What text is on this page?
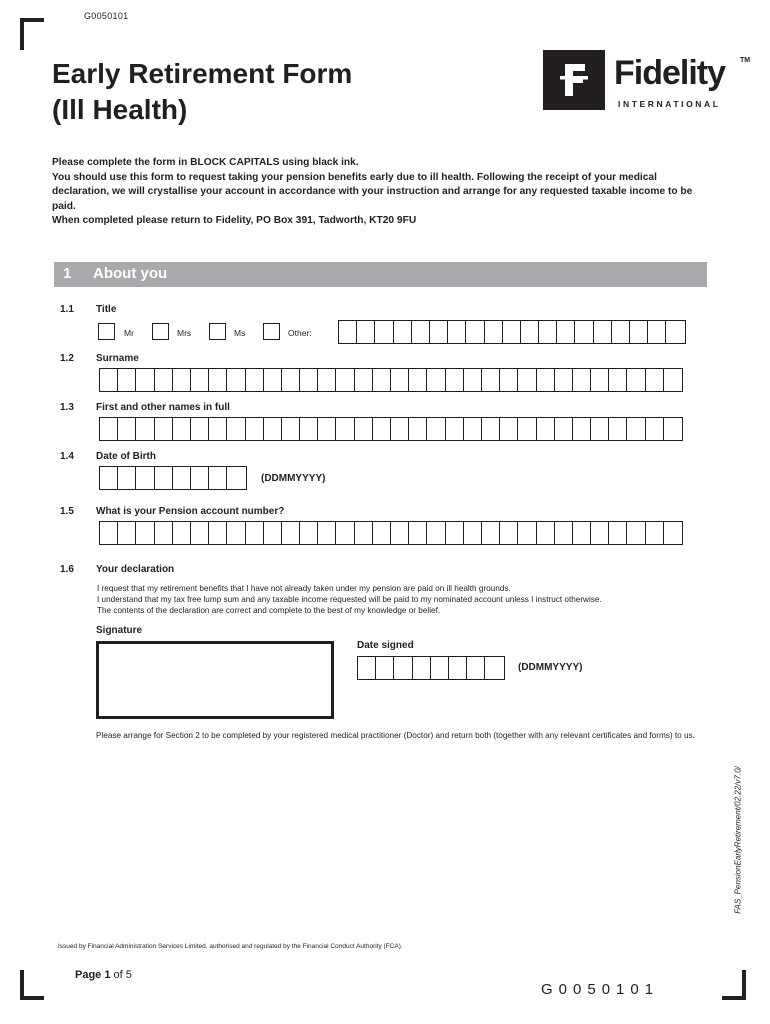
G0050101
Early Retirement Form
(Ill Health)
Fidelity TM
INTERNATIONAL

Please complete the form in BLOCK CAPITALS using black ink.

You should use this form to request taking your pension benefits early due to ill health. Following the receipt of your medical declaration, we will crystallise your account in accordance with your instruction and arrange for any requested taxable income to be paid.

When completed please return to Fidelity, PO Box 391, Tadworth, KT20 9FU

1 About you
1.1 Title
Mr	Mrs	Ms	Other:
1.2 Surname
1.3 First and other names in full
1.4 Date of Birth
(DDMMYYYY)
1.5 What is your Pension account number?
1.6 Your declaration
I request that my retirement benefits that I have not already taken under my pension are paid on ill health grounds.
I understand that my tax free lump sum and any taxable income requested will be paid to my nominated account unless I instruct otherwise.
The contents of the declaration are correct and complete to the best of my knowledge or belief.
Signature
Date signed
(DDMMYYYY)
Please arrange for Section 2 to be completed by your registered medical practitioner (Doctor) and return both (together with any relevant certificates and forms) to us.
FAS_PensionEarlyRetirement/02.22/v7.0/
Issued by Financial Administration Services Limited, authorised and regulated by the Financial Conduct Authority (FCA).
Page 1 of 5
G0050101
